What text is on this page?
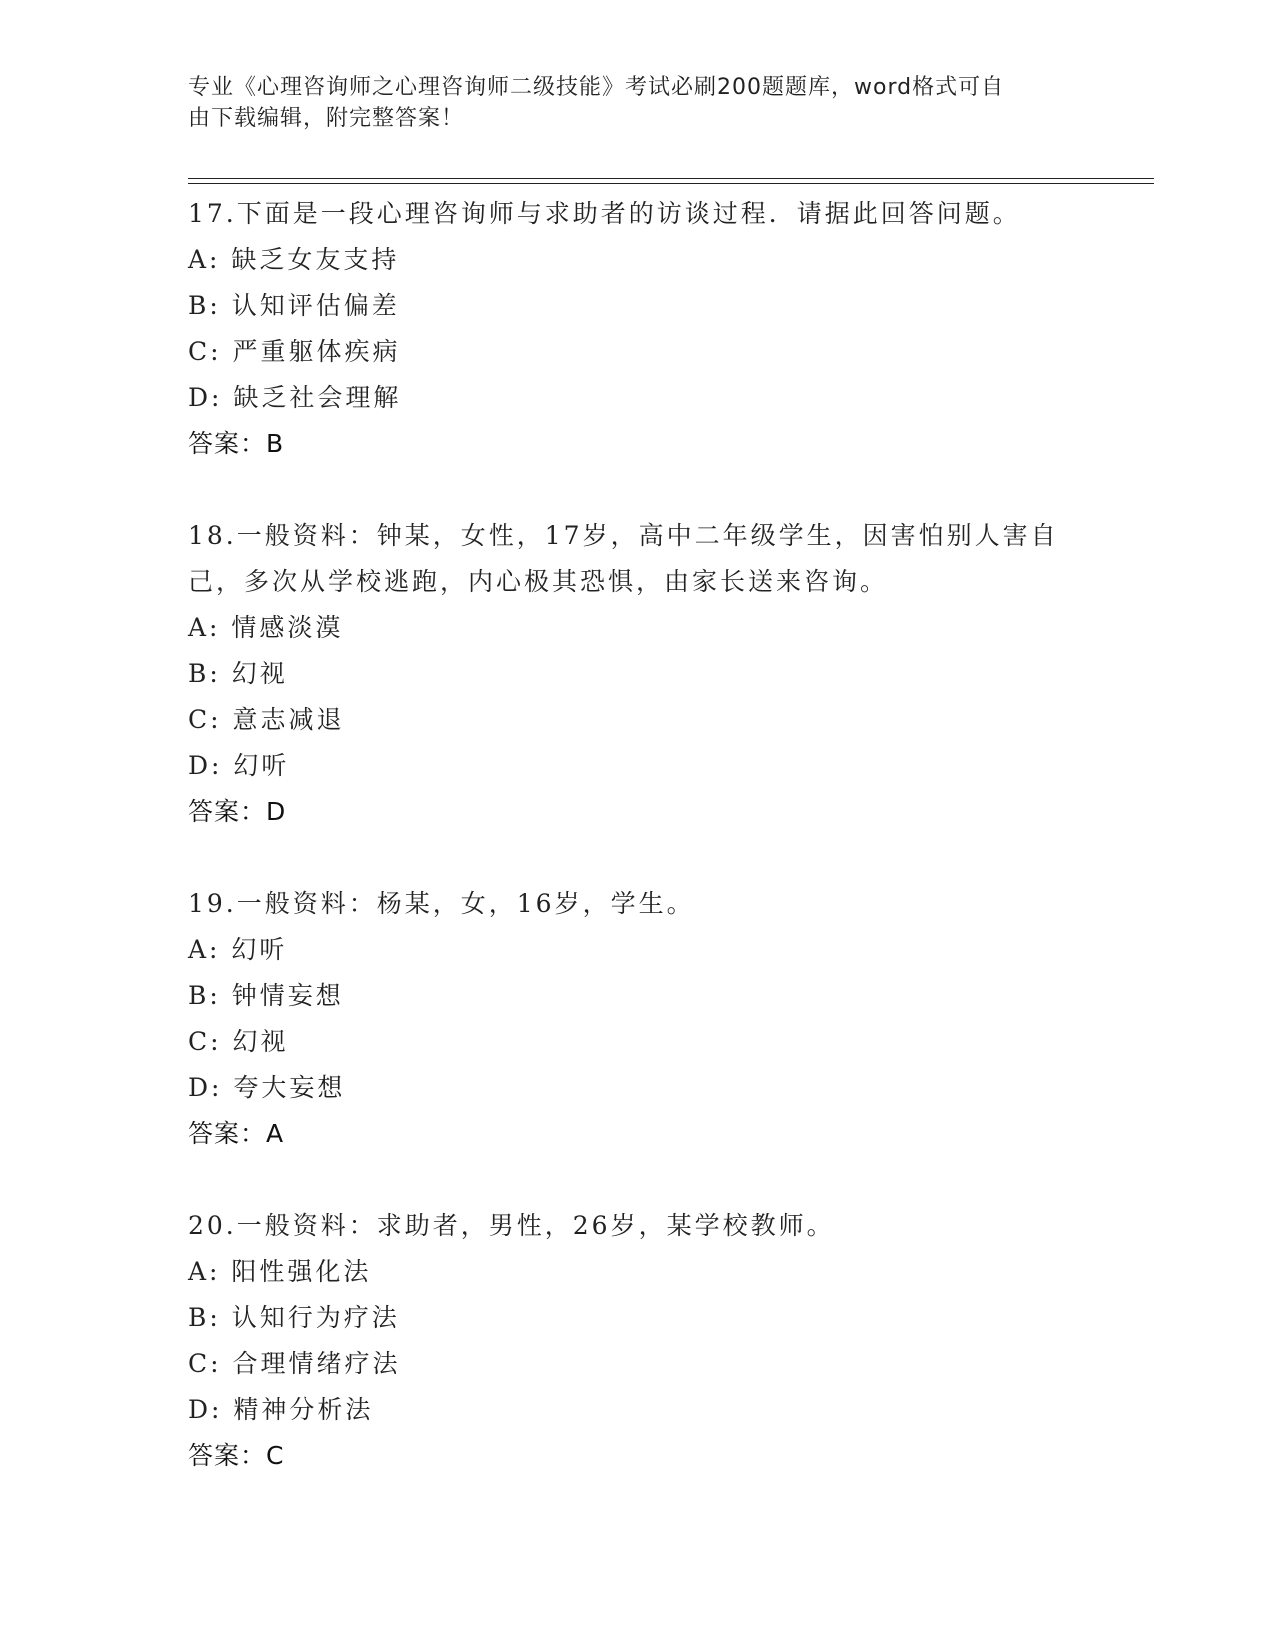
专业《心理咨询师之心理咨询师二级技能》考试必刷200题题库，word格式可自
由下载编辑，附完整答案！
17.下面是一段心理咨询师与求助者的访谈过程．请据此回答问题。
A: 缺乏女友支持
B: 认知评估偏差
C: 严重躯体疾病
D: 缺乏社会理解
答案：B
18.一般资料：钟某，女性，17岁，高中二年级学生，因害怕别人害自
己，多次从学校逃跑，内心极其恐惧，由家长送来咨询。
A: 情感淡漠
B: 幻视
C: 意志减退
D: 幻听
答案：D
19.一般资料：杨某，女，16岁，学生。
A: 幻听
B: 钟情妄想
C: 幻视
D: 夸大妄想
答案：A
20.一般资料：求助者，男性，26岁，某学校教师。
A: 阳性强化法
B: 认知行为疗法
C: 合理情绪疗法
D: 精神分析法
答案：C
